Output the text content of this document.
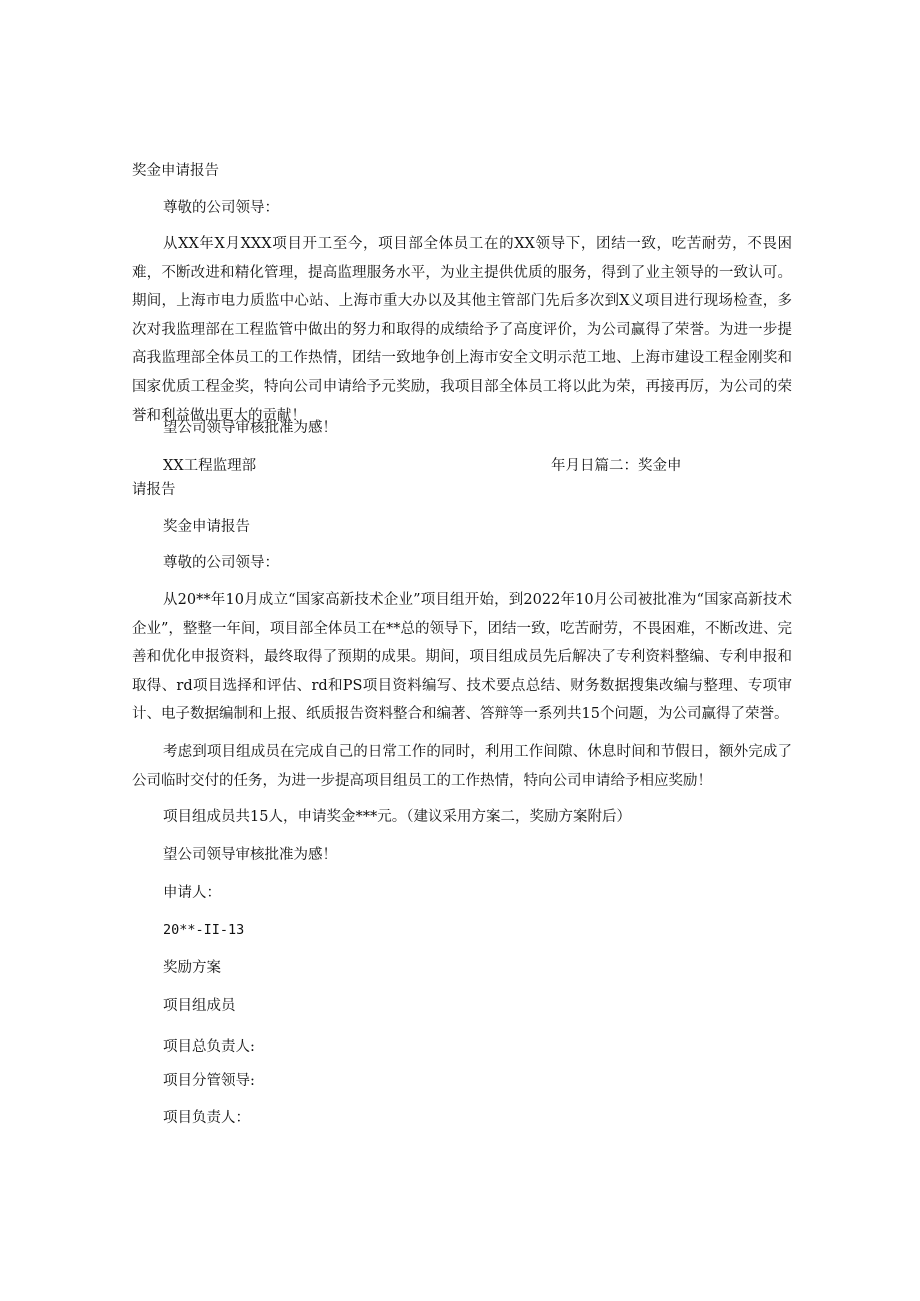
奖金申请报告
尊敬的公司领导：

从XX年X月XXX项目开工至今，项目部全体员工在的XX领导下，团结一致，吃苦耐劳，不畏困难，不断改进和精化管理，提高监理服务水平，为业主提供优质的服务，得到了业主领导的一致认可。期间，上海市电力质监中心站、上海市重大办以及其他主管部门先后多次到X义项目进行现场检查，多次对我监理部在工程监管中做出的努力和取得的成绩给予了高度评价，为公司赢得了荣誉。为进一步提高我监理部全体员工的工作热情，团结一致地争创上海市安全文明示范工地、上海市建设工程金刚奖和国家优质工程金奖，特向公司申请给予元奖励，我项目部全体员工将以此为荣，再接再厉，为公司的荣誉和利益做出更大的贡献！

望公司领导审核批准为感！
XX工程监理部	年月日篇二：奖金申
请报告
奖金申请报告
尊敬的公司领导：

从20**年10月成立“国家高新技术企业”项目组开始，到2022年10月公司被批准为“国家高新技术企业”，整整一年间，项目部全体员工在**总的领导下，团结一致，吃苦耐劳，不畏困难，不断改进、完善和优化申报资料，最终取得了预期的成果。期间，项目组成员先后解决了专利资料整编、专利申报和取得、rd项目选择和评估、rd和PS项目资料编写、技术要点总结、财务数据搜集改编与整理、专项审计、电子数据编制和上报、纸质报告资料整合和编著、答辩等一系列共15个问题，为公司赢得了荣誉。

考虑到项目组成员在完成自己的日常工作的同时，利用工作间隙、休息时间和节假日，额外完成了公司临时交付的任务，为进一步提高项目组员工的工作热情，特向公司申请给予相应奖励！

项目组成员共15人，申请奖金***元。（建议采用方案二，奖励方案附后）
望公司领导审核批准为感！
申请人：
20**-II-13
奖励方案
项目组成员
项目总负责人:
项目分管领导:
项目负责人：
